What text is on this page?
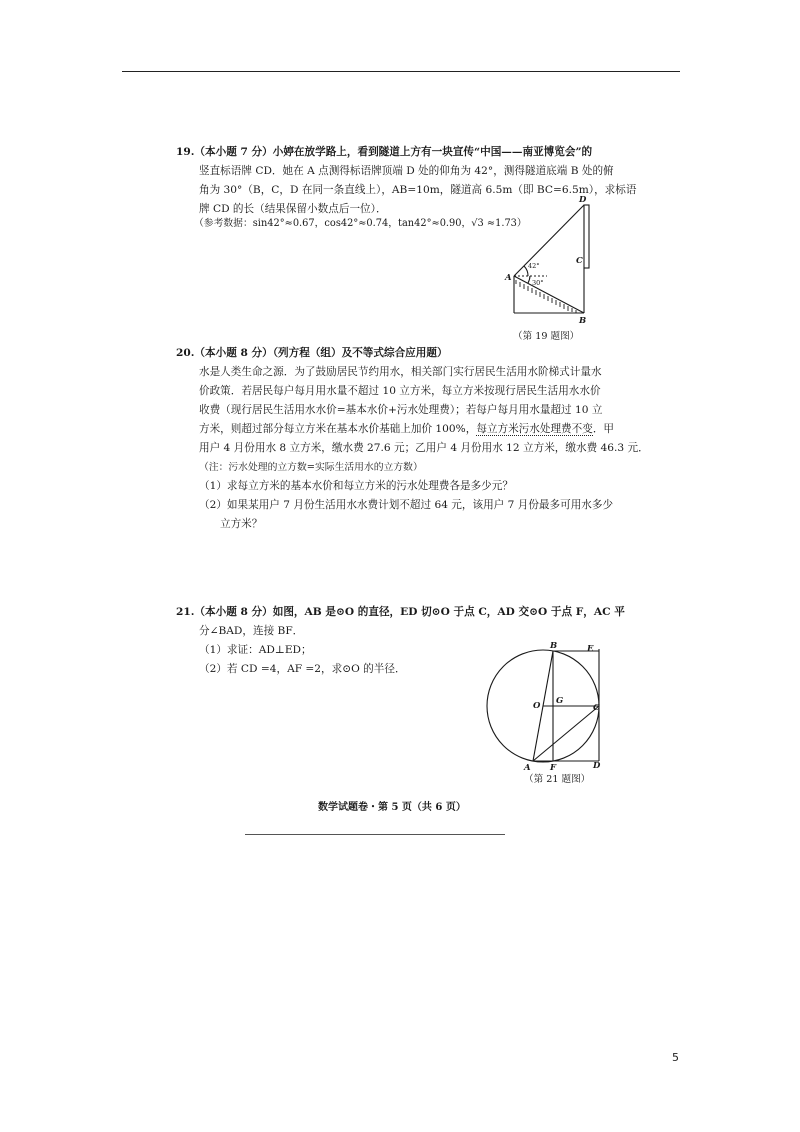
19.（本小题 7 分）小婷在放学路上，看到隧道上方有一块宣传“中国——南亚博览会”的
竖直标语牌 CD．她在 A 点测得标语牌顶端 D 处的仰角为 42°，测得隧道底端 B 处的俯
角为 30°（B，C，D 在同一条直线上），AB=10m，隧道高 6.5m（即 BC=6.5m），求标语
牌 CD 的长（结果保留小数点后一位）．
（参考数据：sin42°≈0.67，cos42°≈0.74，tan42°≈0.90，√3 ≈1.73）
D
C
A
B
42°
30°
（第 19 题图）
20.（本小题 8 分）（列方程（组）及不等式综合应用题）
水是人类生命之源．为了鼓励居民节约用水，相关部门实行居民生活用水阶梯式计量水
价政策．若居民每户每月用水量不超过 10 立方米，每立方米按现行居民生活用水水价
收费（现行居民生活用水水价=基本水价+污水处理费）；若每户每月用水量超过 10 立
方米，则超过部分每立方米在基本水价基础上加价 100%，每立方米污水处理费不变．甲
用户 4 月份用水 8 立方米，缴水费 27.6 元；乙用户 4 月份用水 12 立方米，缴水费 46.3 元．
（注：污水处理的立方数=实际生活用水的立方数）
（1）求每立方米的基本水价和每立方米的污水处理费各是多少元？
（2）如果某用户 7 月份生活用水水费计划不超过 64 元，该用户 7 月份最多可用水多少
立方米？
21.（本小题 8 分）如图，AB 是⊙O 的直径，ED 切⊙O 于点 C，AD 交⊙O 于点 F，AC 平
分∠BAD，连接 BF．
（1）求证：AD⊥ED；
（2）若 CD =4，AF =2，求⊙O 的半径．
B	E
O G
C
A F	D
（第 21 题图）
数学试题卷・第 5 页（共 6 页）
5
